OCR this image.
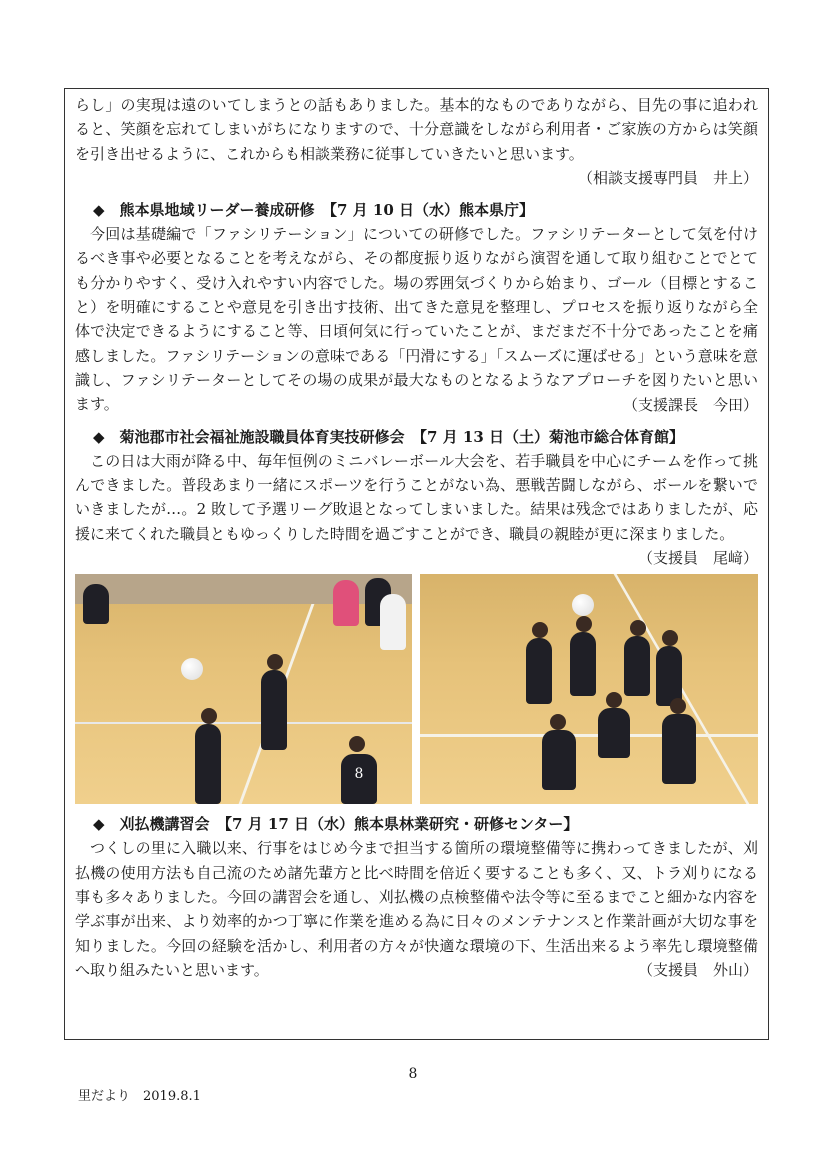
らし」の実現は遠のいてしまうとの話もありました。基本的なものでありながら、目先の事に追われると、笑顔を忘れてしまいがちになりますので、十分意識をしながら利用者・ご家族の方からは笑顔を引き出せるように、これからも相談業務に従事していきたいと思います。

（相談支援専門員　井上）

◆　熊本県地域リーダー養成研修　【7 月 10 日（水）熊本県庁】

今回は基礎編で「ファシリテーション」についての研修でした。ファシリテーターとして気を付けるべき事や必要となることを考えながら、その都度振り返りながら演習を通して取り組むことでとても分かりやすく、受け入れやすい内容でした。場の雰囲気づくりから始まり、ゴール（目標とすること）を明確にすることや意見を引き出す技術、出てきた意見を整理し、プロセスを振り返りながら全体で決定できるようにすること等、日頃何気に行っていたことが、まだまだ不十分であったことを痛感しました。ファシリテーションの意味である「円滑にする」「スムーズに運ばせる」という意味を意識し、ファシリテーターとしてその場の成果が最大なものとなるようなアプローチを図りたいと思います。	（支援課長　今田）

◆　菊池郡市社会福祉施設職員体育実技研修会　【7 月 13 日（土）菊池市総合体育館】

この日は大雨が降る中、毎年恒例のミニバレーボール大会を、若手職員を中心にチームを作って挑んできました。普段あまり一緒にスポーツを行うことがない為、悪戦苦闘しながら、ボールを繋いでいきましたが…。2 敗して予選リーグ敗退となってしまいました。結果は残念ではありましたが、応援に来てくれた職員ともゆっくりした時間を過ごすことができ、職員の親睦が更に深まりました。

（支援員　尾﨑）

8
◆　刈払機講習会　【7 月 17 日（水）熊本県林業研究・研修センター】

つくしの里に入職以来、行事をはじめ今まで担当する箇所の環境整備等に携わってきましたが、刈払機の使用方法も自己流のため諸先輩方と比べ時間を倍近く要することも多く、又、トラ刈りになる事も多々ありました。今回の講習会を通し、刈払機の点検整備や法令等に至るまでこと細かな内容を学ぶ事が出来、より効率的かつ丁寧に作業を進める為に日々のメンテナンスと作業計画が大切な事を知りました。今回の経験を活かし、利用者の方々が快適な環境の下、生活出来るよう率先し環境整備へ取り組みたいと思います。	（支援員　外山）

8
里だより　2019.8.1
